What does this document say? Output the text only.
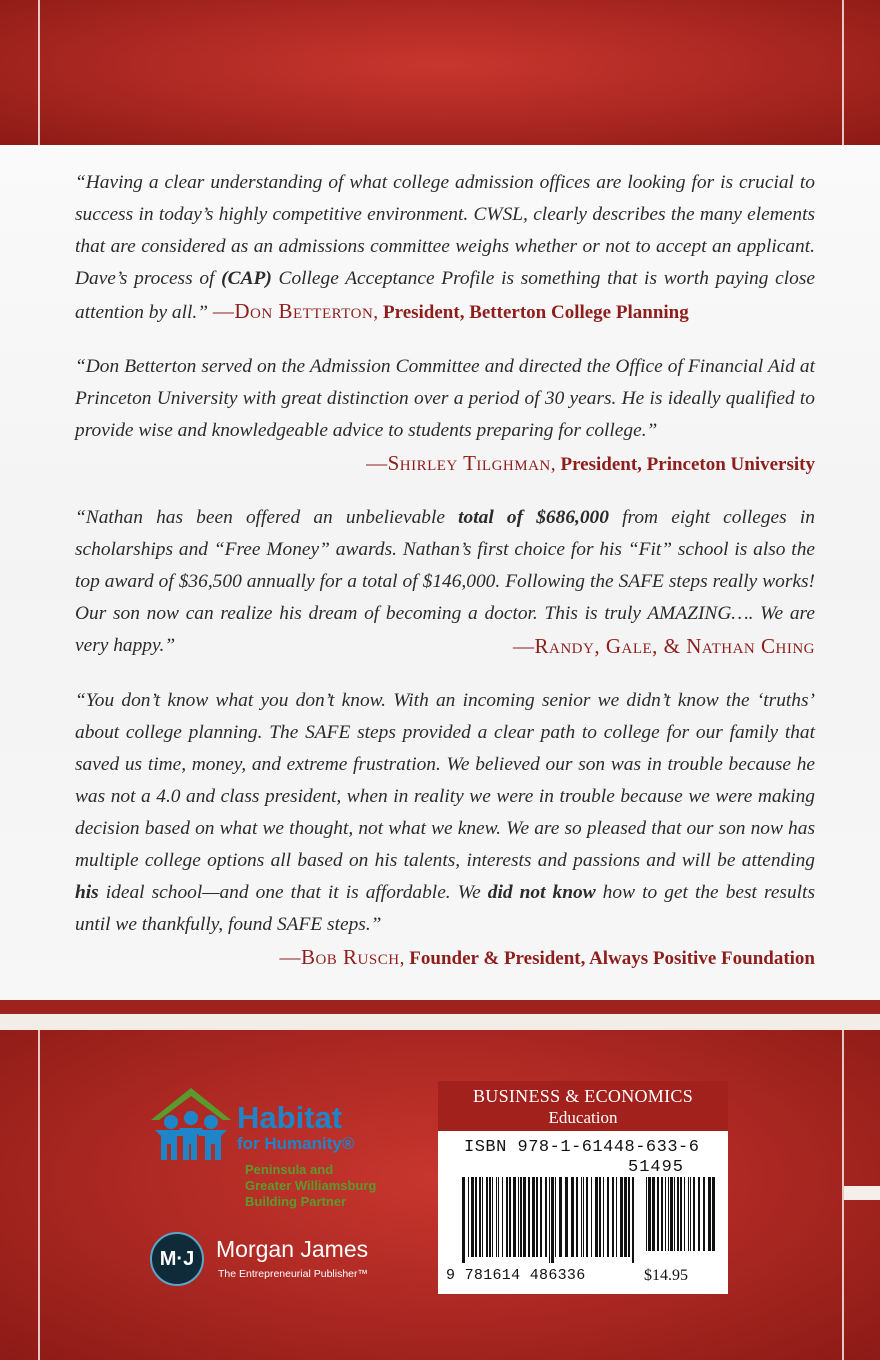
“Having a clear understanding of what college admission offices are looking for is crucial to success in today’s highly competitive environment. CWSL, clearly describes the many elements that are considered as an admissions committee weighs whether or not to accept an applicant. Dave’s process of (CAP) College Acceptance Profile is something that is worth paying close attention by all.” —Don Betterton, President, Betterton College Planning
“Don Betterton served on the Admission Committee and directed the Office of Financial Aid at Princeton University with great distinction over a period of 30 years. He is ideally qualified to provide wise and knowledgeable advice to students preparing for college.”
—Shirley Tilghman, President, Princeton University
“Nathan has been offered an unbelievable total of $686,000 from eight colleges in scholarships and “Free Money” awards. Nathan’s first choice for his “Fit” school is also the top award of $36,500 annually for a total of $146,000. Following the SAFE steps really works! Our son now can realize his dream of becoming a doctor. This is truly AMAZING…. We are very happy.”	—Randy, Gale, & Nathan Ching
“You don’t know what you don’t know. With an incoming senior we didn’t know the ‘truths’ about college planning. The SAFE steps provided a clear path to college for our family that saved us time, money, and extreme frustration. We believed our son was in trouble because he was not a 4.0 and class president, when in reality we were in trouble because we were making decision based on what we thought, not what we knew. We are so pleased that our son now has multiple college options all based on his talents, interests and passions and will be attending his ideal school—and one that it is affordable. We did not know how to get the best results until we thankfully, found SAFE steps.”
—Bob Rusch, Founder & President, Always Positive Foundation
Habitat
for Humanity®
Peninsula and
Greater Williamsburg
Building Partner
M·J Morgan James
The Entrepreneurial Publisher™
BUSINESS & ECONOMICS
Education
ISBN 978-1-61448-633-6
51495
9 781614 486336	$14.95
